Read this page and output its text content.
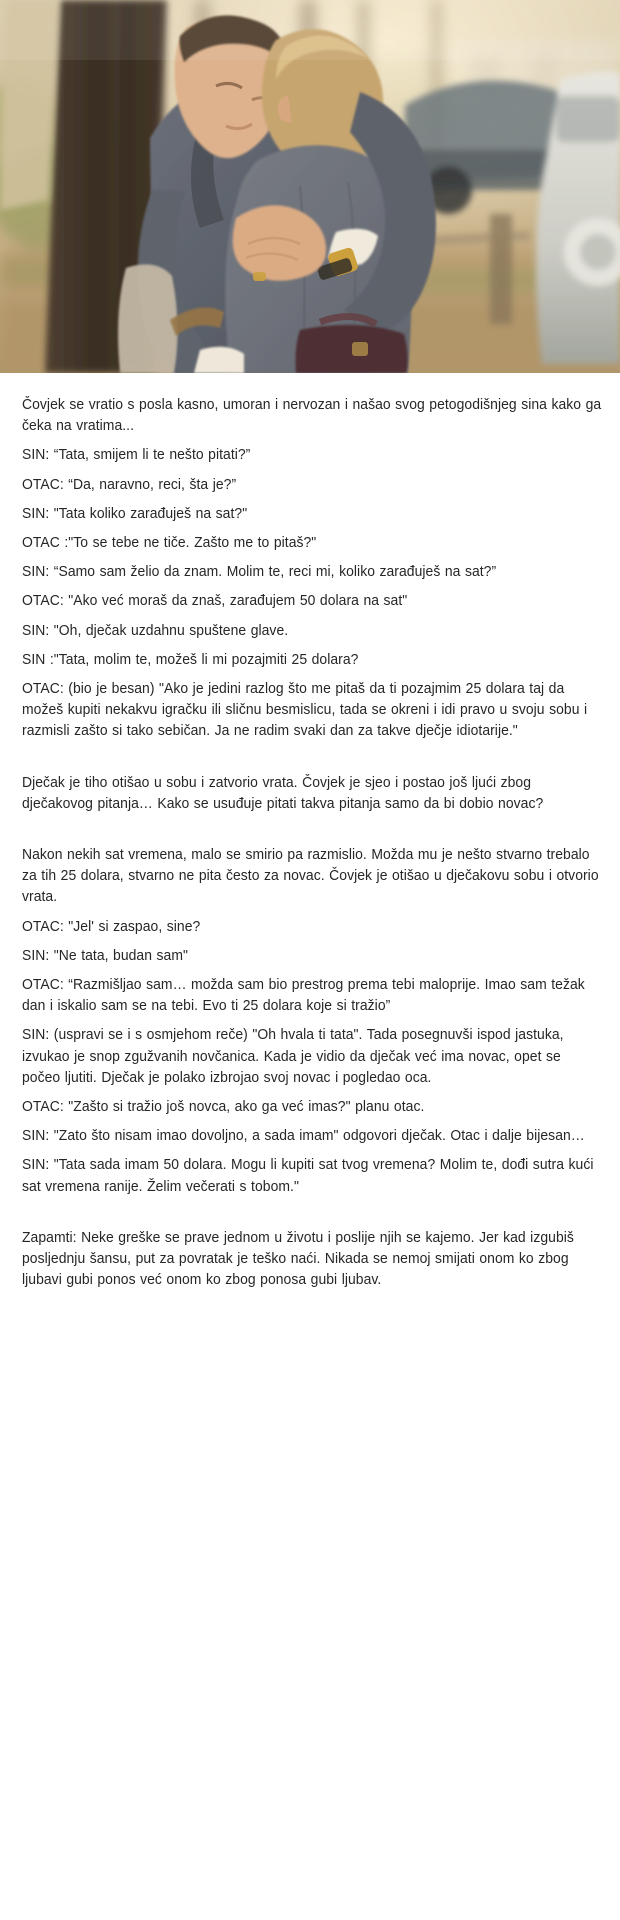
Čovjek se vratio s posla kasno, umoran i nervozan i našao svog petogodišnjeg sina kako ga čeka na vratima...

SIN: “Tata, smijem li te nešto pitati?”

OTAC: “Da, naravno, reci, šta je?”

SIN: "Tata koliko zarađuješ na sat?"

OTAC :"To se tebe ne tiče. Zašto me to pitaš?"

SIN: “Samo sam želio da znam. Molim te, reci mi, koliko zarađuješ na sat?”

OTAC: "Ako već moraš da znaš, zarađujem 50 dolara na sat"

SIN: "Oh, dječak uzdahnu spuštene glave.

SIN :"Tata, molim te, možeš li mi pozajmiti 25 dolara?

OTAC: (bio je besan) "Ako je jedini razlog što me pitaš da ti pozajmim 25 dolara taj da možeš kupiti nekakvu igračku ili sličnu besmislicu, tada se okreni i idi pravo u svoju sobu i razmisli zašto si tako sebičan. Ja ne radim svaki dan za takve dječje idiotarije."

Dječak je tiho otišao u sobu i zatvorio vrata. Čovjek je sjeo i postao još ljući zbog dječakovog pitanja… Kako se usuđuje pitati takva pitanja samo da bi dobio novac?

Nakon nekih sat vremena, malo se smirio pa razmislio. Možda mu je nešto stvarno trebalo za tih 25 dolara, stvarno ne pita često za novac. Čovjek je otišao u dječakovu sobu i otvorio vrata.

OTAC: "Jel' si zaspao, sine?

SIN: "Ne tata, budan sam"

OTAC: “Razmišljao sam… možda sam bio prestrog prema tebi maloprije. Imao sam težak dan i iskalio sam se na tebi. Evo ti 25 dolara koje si tražio”

SIN: (uspravi se i s osmjehom reče) "Oh hvala ti tata". Tada posegnuvši ispod jastuka, izvukao je snop zgužvanih novčanica. Kada je vidio da dječak već ima novac, opet se počeo ljutiti. Dječak je polako izbrojao svoj novac i pogledao oca.

OTAC: "Zašto si tražio još novca, ako ga već imas?" planu otac.

SIN: "Zato što nisam imao dovoljno, a sada imam" odgovori dječak. Otac i dalje bijesan…

SIN: "Tata sada imam 50 dolara. Mogu li kupiti sat tvog vremena? Molim te, dođi sutra kući sat vremena ranije. Želim večerati s tobom."

Zapamti: Neke greške se prave jednom u životu i poslije njih se kajemo. Jer kad izgubiš posljednju šansu, put za povratak je teško naći. Nikada se nemoj smijati onom ko zbog ljubavi gubi ponos već onom ko zbog ponosa gubi ljubav.
